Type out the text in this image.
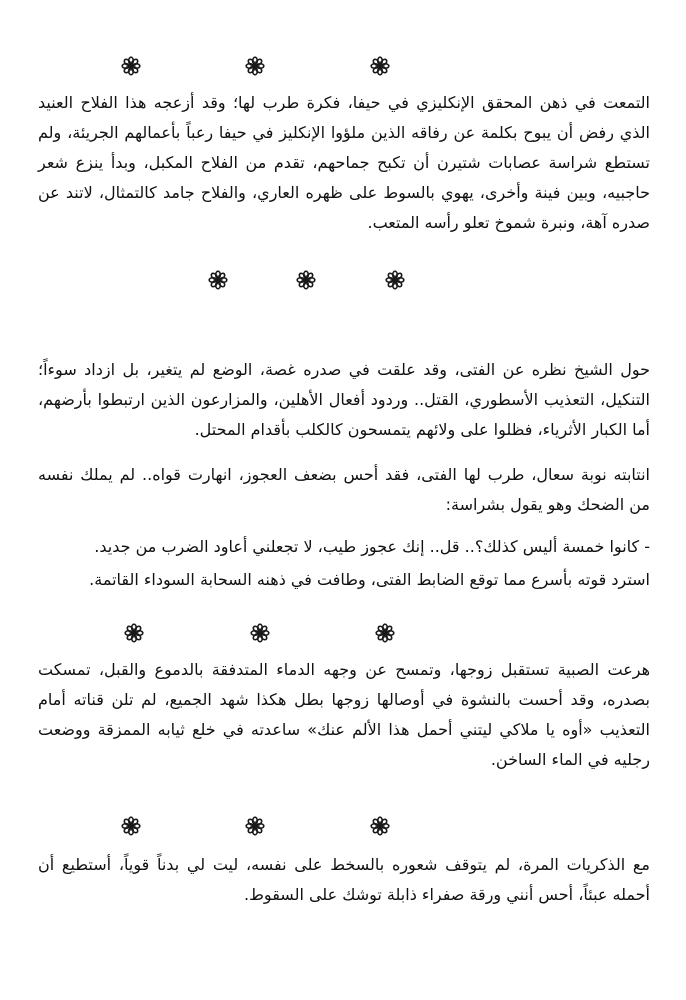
التمعت في ذهن المحقق الإنكليزي في حيفا، فكرة طرب لها؛ وقد أزعجه هذا الفلاح العنيد الذي رفض أن يبوح بكلمة عن رفاقه الذين ملؤوا الإنكليز في حيفا رعباً بأعمالهم الجريئة، ولم تستطع شراسة عصابات شتيرن أن تكبح جماحهم، تقدم من الفلاح المكبل، وبدأ ينزع شعر حاجبيه، وبين فينة وأخرى، يهوي بالسوط على ظهره العاري، والفلاح جامد كالتمثال، لاتند عن صدره آهة، ونبرة شموخ تعلو رأسه المتعب.

حول الشيخ نظره عن الفتى، وقد علقت في صدره غصة، الوضع لم يتغير، بل ازداد سوءاً؛ التنكيل، التعذيب الأسطوري، القتل.. وردود أفعال الأهلين، والمزارعون الذين ارتبطوا بأرضهم، أما الكبار الأثرياء، فظلوا على ولائهم يتمسحون كالكلب بأقدام المحتل.

انتابته نوبة سعال، طرب لها الفتى، فقد أحس بضعف العجوز، انهارت قواه.. لم يملك نفسه من الضحك وهو يقول بشراسة:

- كانوا خمسة أليس كذلك؟.. قل.. إنك عجوز طيب، لا تجعلني أعاود الضرب من جديد.

استرد قوته بأسرع مما توقع الضابط الفتى، وطافت في ذهنه السحابة السوداء القاتمة.

هرعت الصبية تستقبل زوجها، وتمسح عن وجهه الدماء المتدفقة بالدموع والقبل، تمسكت بصدره، وقد أحست بالنشوة في أوصالها زوجها بطل هكذا شهد الجميع، لم تلن قناته أمام التعذيب «أوه يا ملاكي ليتني أحمل هذا الألم عنك» ساعدته في خلع ثيابه الممزقة ووضعت رجليه في الماء الساخن.

مع الذكريات المرة، لم يتوقف شعوره بالسخط على نفسه، ليت لي بدناً قوياً، أستطيع أن أحمله عبئاً، أحس أنني ورقة صفراء ذابلة توشك على السقوط.
